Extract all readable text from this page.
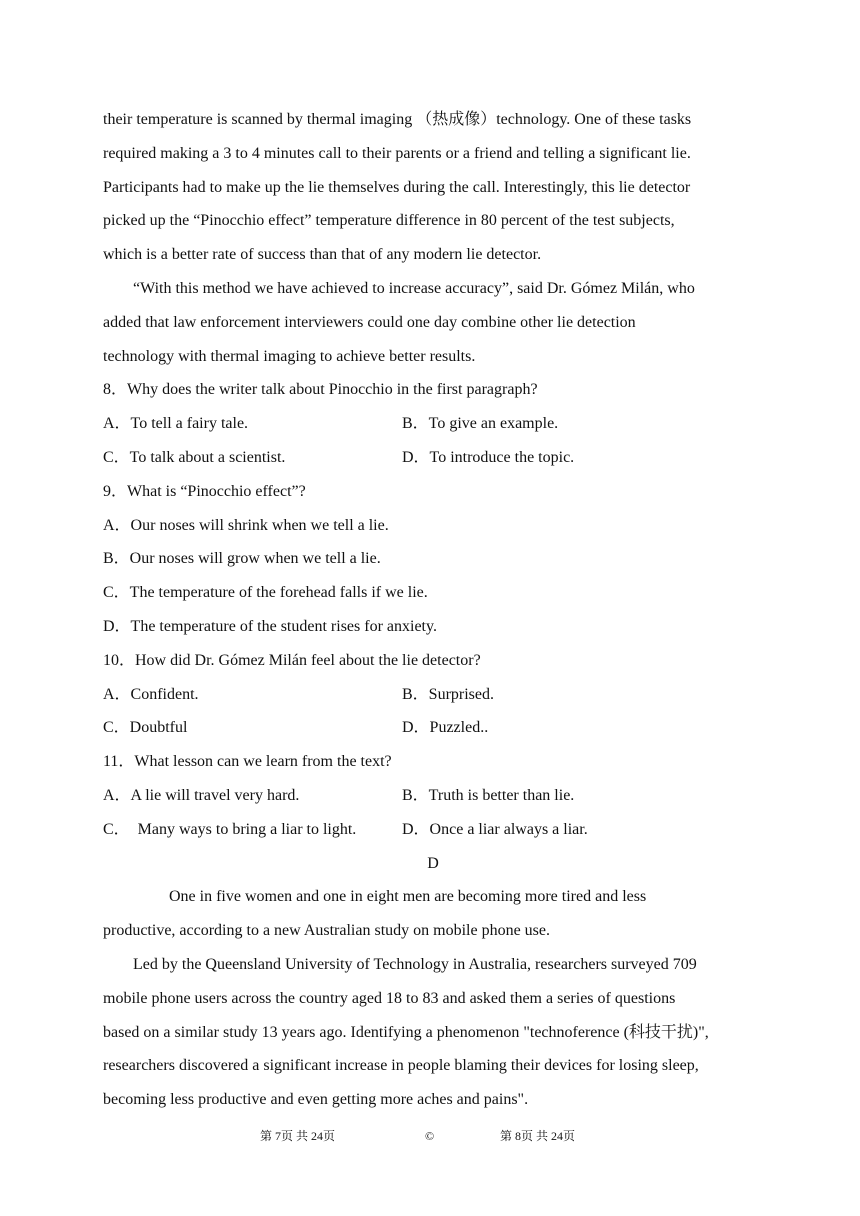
their temperature is scanned by thermal imaging （热成像）technology. One of these tasks
required making a 3 to 4 minutes call to their parents or a friend and telling a significant lie.
Participants had to make up the lie themselves during the call. Interestingly, this lie detector
picked up the “Pinocchio effect” temperature difference in 80 percent of the test subjects,
which is a better rate of success than that of any modern lie detector.
“With this method we have achieved to increase accuracy”, said Dr. Gómez Milán, who
added that law enforcement interviewers could one day combine other lie detection
technology with thermal imaging to achieve better results.
8．Why does the writer talk about Pinocchio in the first paragraph?
A．To tell a fairy tale.	B．To give an example.
C．To talk about a scientist.	D．To introduce the topic.
9．What is “Pinocchio effect”?
A．Our noses will shrink when we tell a lie.
B．Our noses will grow when we tell a lie.
C．The temperature of the forehead falls if we lie.
D．The temperature of the student rises for anxiety.
10．How did Dr. Gómez Milán feel about the lie detector?
A．Confident.	B．Surprised.
C．Doubtful	D．Puzzled..
11．What lesson can we learn from the text?
A．A lie will travel very hard.	B．Truth is better than lie.
C．  Many ways to bring a liar to light.	D．Once a liar always a liar.
D
One in five women and one in eight men are becoming more tired and less
productive, according to a new Australian study on mobile phone use.
Led by the Queensland University of Technology in Australia, researchers surveyed 709
mobile phone users across the country aged 18 to 83 and asked them a series of questions
based on a similar study 13 years ago. Identifying a phenomenon "technoference (科技干扰)",
researchers discovered a significant increase in people blaming their devices for losing sleep,
becoming less productive and even getting more aches and pains".
第 7页 共 24页	©	第 8页 共 24页
